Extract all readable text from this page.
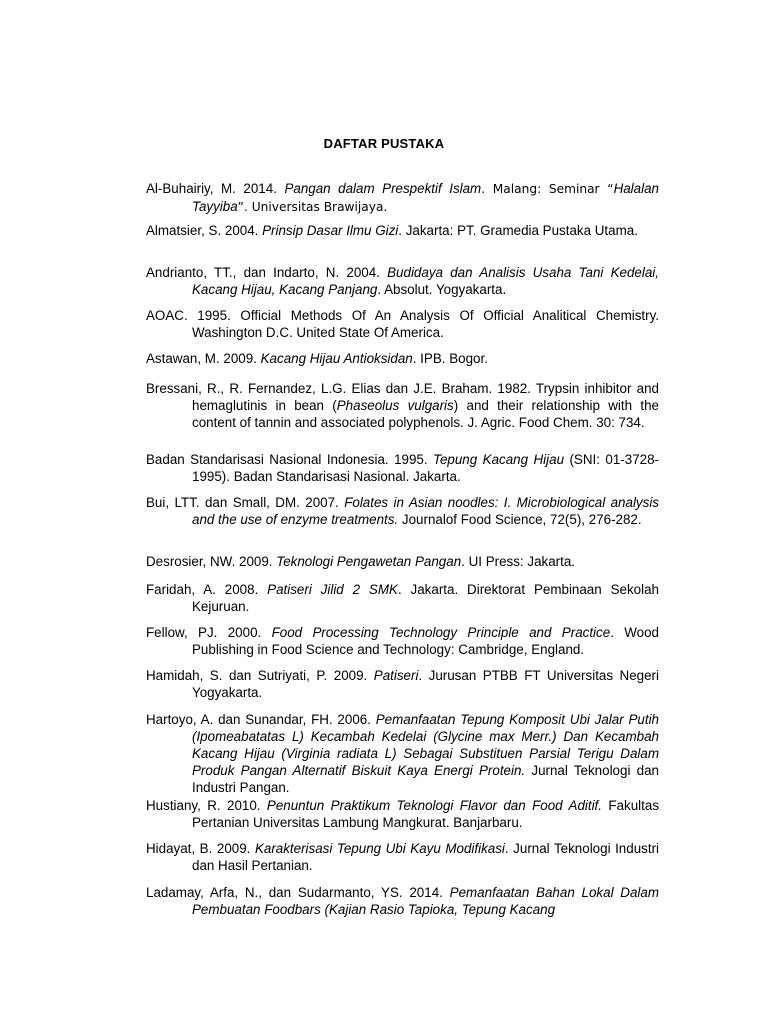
DAFTAR PUSTAKA
Al-Buhairiy, M. 2014. Pangan dalam Prespektif Islam. Malang: Seminar “Halalan Tayyiba”. Universitas Brawijaya.
Almatsier, S. 2004. Prinsip Dasar Ilmu Gizi. Jakarta: PT. Gramedia Pustaka Utama.
Andrianto, TT., dan Indarto, N. 2004. Budidaya dan Analisis Usaha Tani Kedelai, Kacang Hijau, Kacang Panjang. Absolut. Yogyakarta.
AOAC. 1995. Official Methods Of An Analysis Of Official Analitical Chemistry. Washington D.C. United State Of America.
Astawan, M. 2009. Kacang Hijau Antioksidan. IPB. Bogor.
Bressani, R., R. Fernandez, L.G. Elias dan J.E. Braham. 1982. Trypsin inhibitor and hemaglutinis in bean (Phaseolus vulgaris) and their relationship with the content of tannin and associated polyphenols. J. Agric. Food Chem. 30: 734.
Badan Standarisasi Nasional Indonesia. 1995. Tepung Kacang Hijau (SNI: 01-3728-1995). Badan Standarisasi Nasional. Jakarta.
Bui, LTT. dan Small, DM. 2007. Folates in Asian noodles: I. Microbiological analysis and the use of enzyme treatments. Journalof Food Science, 72(5), 276-282.
Desrosier, NW. 2009. Teknologi Pengawetan Pangan. UI Press: Jakarta.
Faridah, A. 2008. Patiseri Jilid 2 SMK. Jakarta. Direktorat Pembinaan Sekolah Kejuruan.
Fellow, PJ. 2000. Food Processing Technology Principle and Practice. Wood Publishing in Food Science and Technology: Cambridge, England.
Hamidah, S. dan Sutriyati, P. 2009. Patiseri. Jurusan PTBB FT Universitas Negeri Yogyakarta.
Hartoyo, A. dan Sunandar, FH. 2006. Pemanfaatan Tepung Komposit Ubi Jalar Putih (Ipomeabatatas L) Kecambah Kedelai (Glycine max Merr.) Dan Kecambah Kacang Hijau (Virginia radiata L) Sebagai Substituen Parsial Terigu Dalam Produk Pangan Alternatif Biskuit Kaya Energi Protein. Jurnal Teknologi dan Industri Pangan.
Hustiany, R. 2010. Penuntun Praktikum Teknologi Flavor dan Food Aditif. Fakultas Pertanian Universitas Lambung Mangkurat. Banjarbaru.
Hidayat, B. 2009. Karakterisasi Tepung Ubi Kayu Modifikasi. Jurnal Teknologi Industri dan Hasil Pertanian.
Ladamay, Arfa, N., dan Sudarmanto, YS. 2014. Pemanfaatan Bahan Lokal Dalam Pembuatan Foodbars (Kajian Rasio Tapioka, Tepung Kacang
